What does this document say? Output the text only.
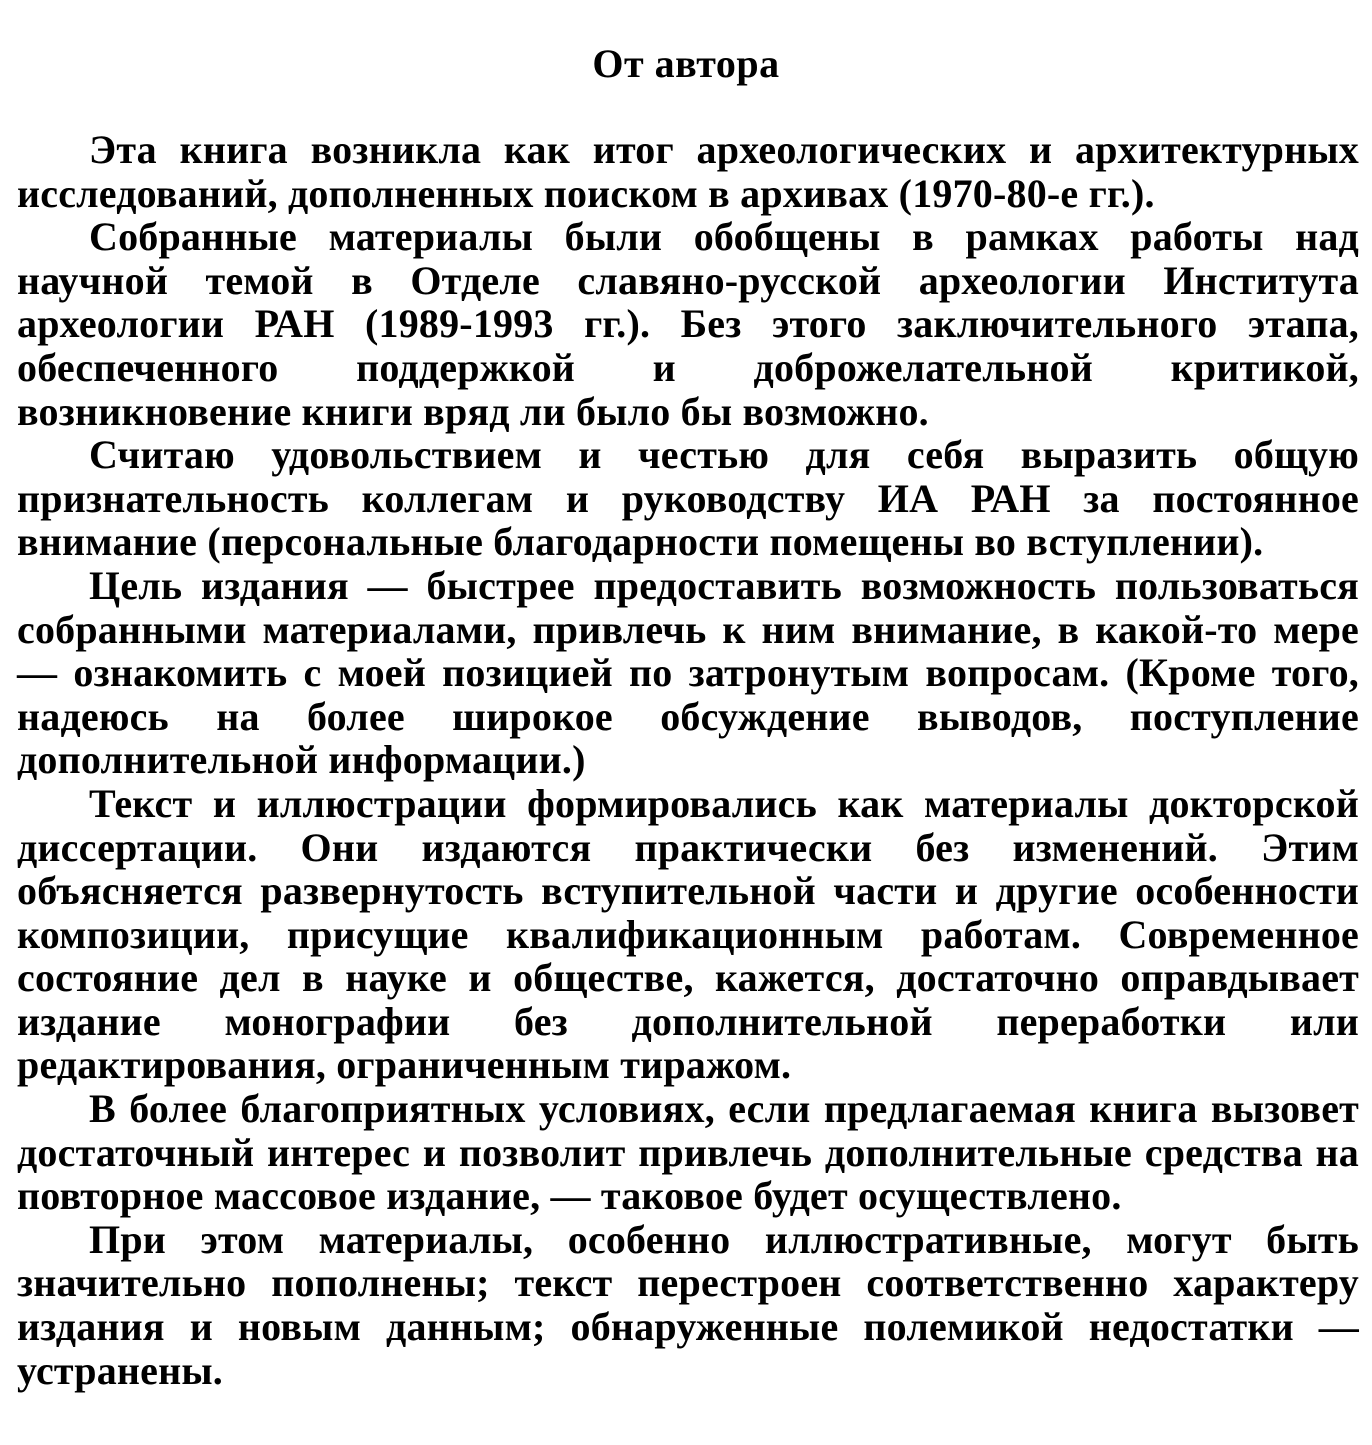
От автора

Эта книга возникла как итог археологических и архитектурных исследований, дополненных поиском в архивах (1970-80-е гг.).

Собранные материалы были обобщены в рамках работы над научной темой в Отделе славяно-русской археологии Института археологии РАН (1989-1993 гг.). Без этого заключительного этапа, обеспеченного поддержкой и доброжелательной критикой, возникновение книги вряд ли было бы возможно.

Считаю удовольствием и честью для себя выразить общую признательность коллегам и руководству ИА РАН за постоянное внимание (персональные благодарности помещены во вступлении).

Цель издания — быстрее предоставить возможность пользоваться собранными материалами, привлечь к ним внимание, в какой-то мере — ознакомить с моей позицией по затронутым вопросам. (Кроме того, надеюсь на более широкое обсуждение выводов, поступление дополнительной информации.)

Текст и иллюстрации формировались как материалы докторской диссертации. Они издаются практически без изменений. Этим объясняется развернутость вступительной части и другие особенности композиции, присущие квалификационным работам. Современное состояние дел в науке и обществе, кажется, достаточно оправдывает издание монографии без дополнительной переработки или редактирования, ограниченным тиражом.

В более благоприятных условиях, если предлагаемая книга вызовет достаточный интерес и позволит привлечь дополнительные средства на повторное массовое издание, — таковое будет осуществлено.

При этом материалы, особенно иллюстративные, могут быть значительно пополнены; текст перестроен соответственно характеру издания и новым данным; обнаруженные полемикой недостатки — устранены.
